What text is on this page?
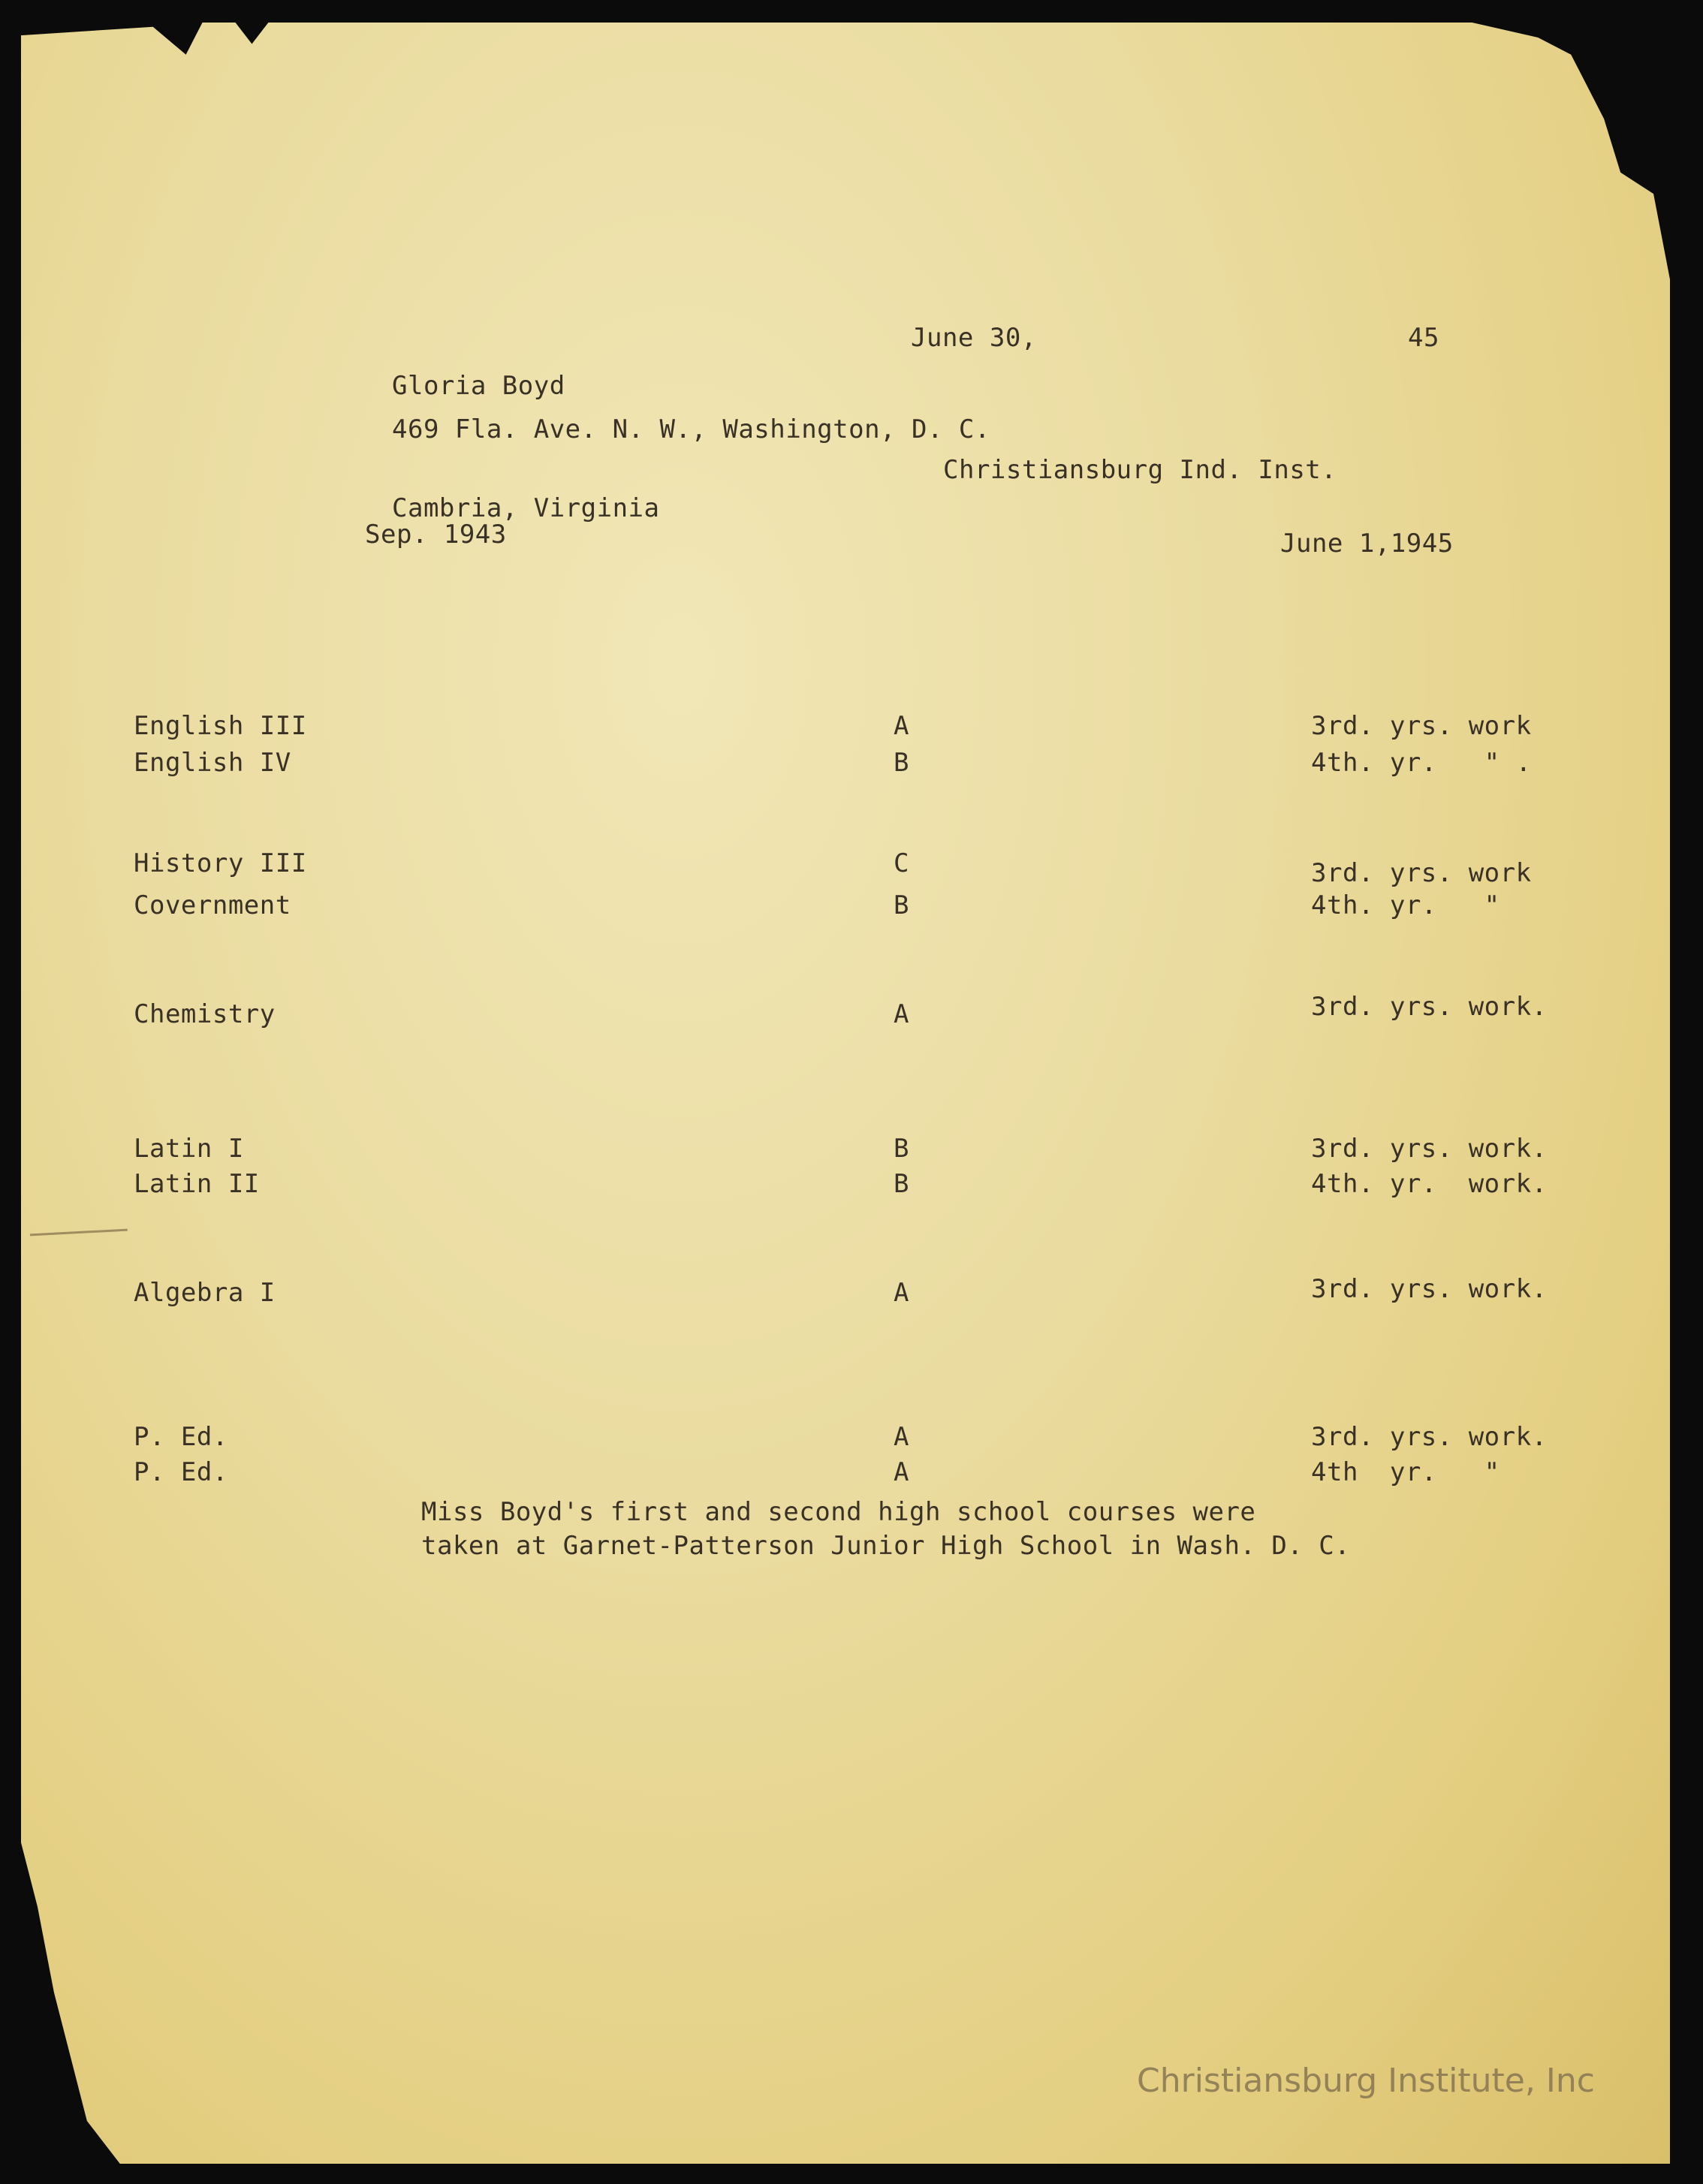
June 30,	45
Gloria Boyd
469 Fla. Ave. N. W., Washington, D. C.
Christiansburg Ind. Inst.
Cambria, Virginia
Sep. 1943	June 1,1945
English III	A	3rd. yrs. work
English IV	B	4th. yr.   " .
History III	C	3rd. yrs. work
Covernment	B	4th. yr.   "
Chemistry	A	3rd. yrs. work.
Latin I	B	3rd. yrs. work.
Latin II	B	4th. yr.  work.
Algebra I	A	3rd. yrs. work.
P. Ed.	A	3rd. yrs. work.
P. Ed.	A	4th  yr.   "
Miss Boyd's first and second high school courses were
taken at Garnet-Patterson Junior High School in Wash. D. C.
Christiansburg Institute, Inc
